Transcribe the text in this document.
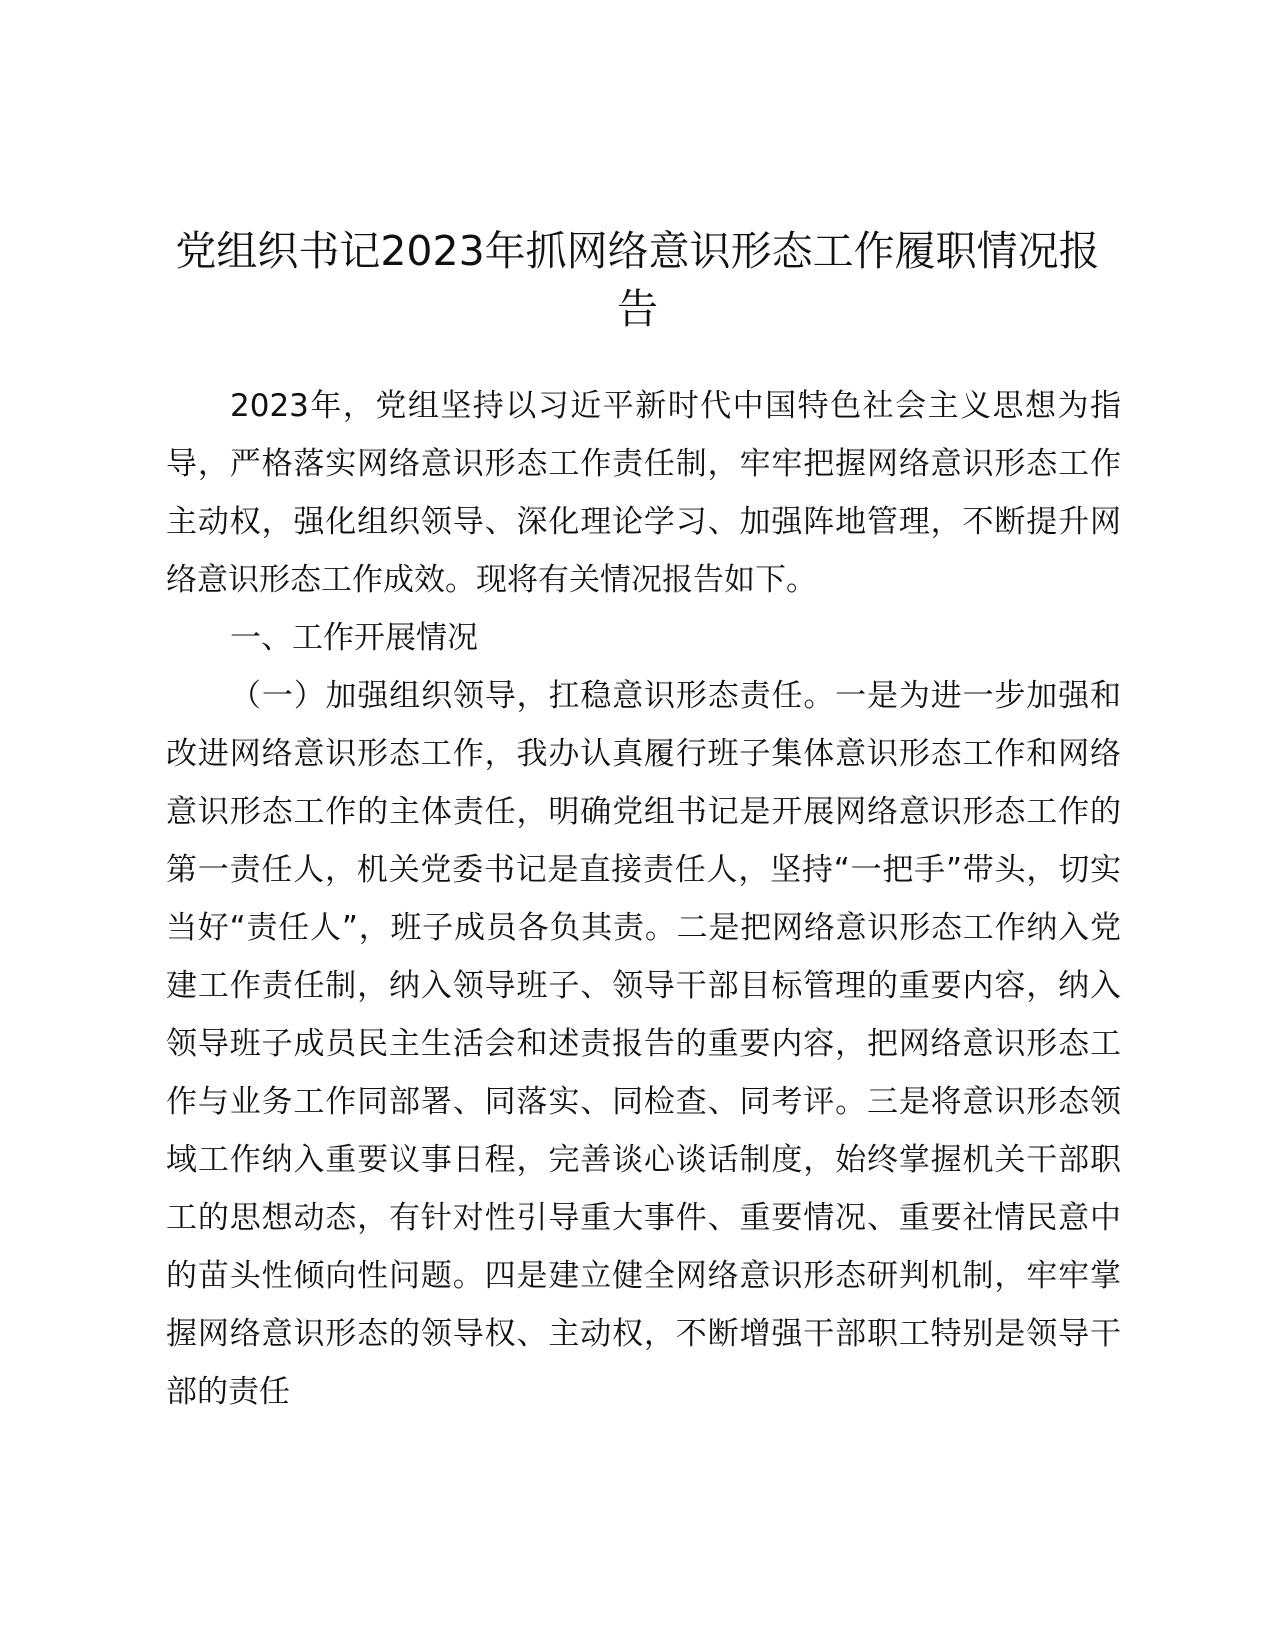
党组织书记2023年抓网络意识形态工作履职情况报告

2023年，党组坚持以习近平新时代中国特色社会主义思想为指导，严格落实网络意识形态工作责任制，牢牢把握网络意识形态工作主动权，强化组织领导、深化理论学习、加强阵地管理，不断提升网络意识形态工作成效。现将有关情况报告如下。

一、工作开展情况

（一）加强组织领导，扛稳意识形态责任。一是为进一步加强和改进网络意识形态工作，我办认真履行班子集体意识形态工作和网络意识形态工作的主体责任，明确党组书记是开展网络意识形态工作的第一责任人，机关党委书记是直接责任人，坚持“一把手”带头，切实当好“责任人”，班子成员各负其责。二是把网络意识形态工作纳入党建工作责任制，纳入领导班子、领导干部目标管理的重要内容，纳入领导班子成员民主生活会和述责报告的重要内容，把网络意识形态工作与业务工作同部署、同落实、同检查、同考评。三是将意识形态领域工作纳入重要议事日程，完善谈心谈话制度，始终掌握机关干部职工的思想动态，有针对性引导重大事件、重要情况、重要社情民意中的苗头性倾向性问题。四是建立健全网络意识形态研判机制，牢牢掌握网络意识形态的领导权、主动权，不断增强干部职工特别是领导干部的责任
